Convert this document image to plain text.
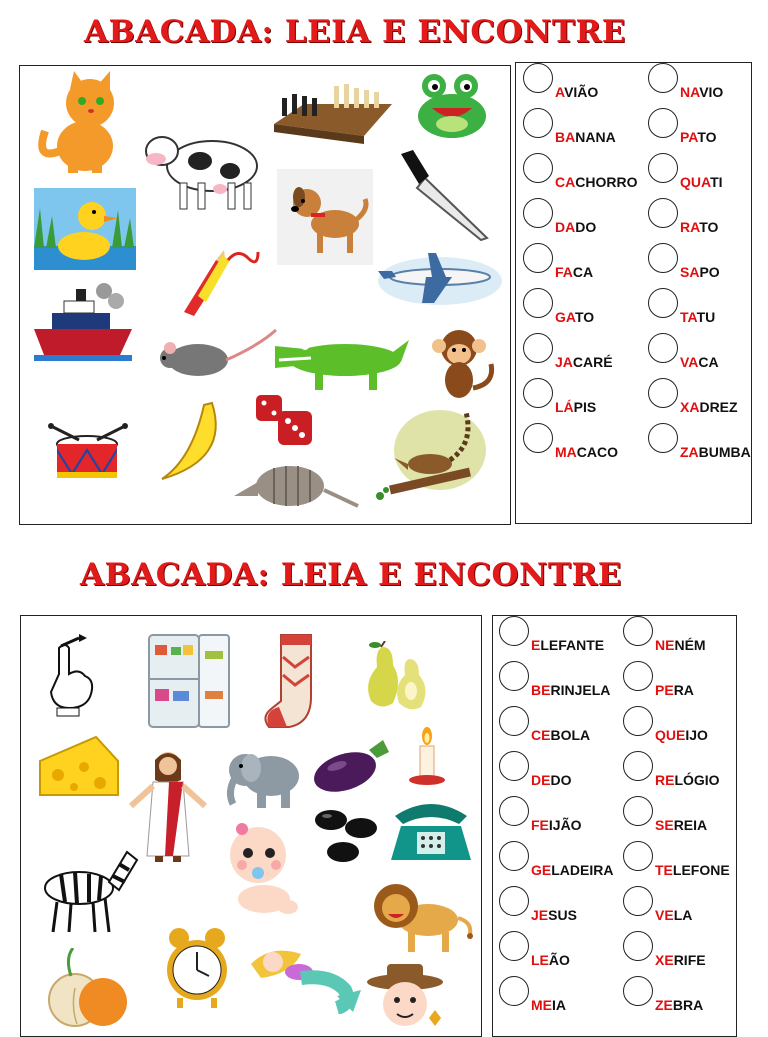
ABACADA: LEIA E ENCONTRE
AVIÃO
BANANA
CACHORRO
DADO
FACA
GATO
JACARÉ
LÁPIS
MACACO
NAVIO
PATO
QUATI
RATO
SAPO
TATU
VACA
XADREZ
ZABUMBA
ABACADA: LEIA E ENCONTRE
ELEFANTE
BERINJELA
CEBOLA
DEDO
FEIJÃO
GELADEIRA
JESUS
LEÃO
MEIA
NENÉM
PERA
QUEIJO
RELÓGIO
SEREIA
TELEFONE
VELA
XERIFE
ZEBRA
